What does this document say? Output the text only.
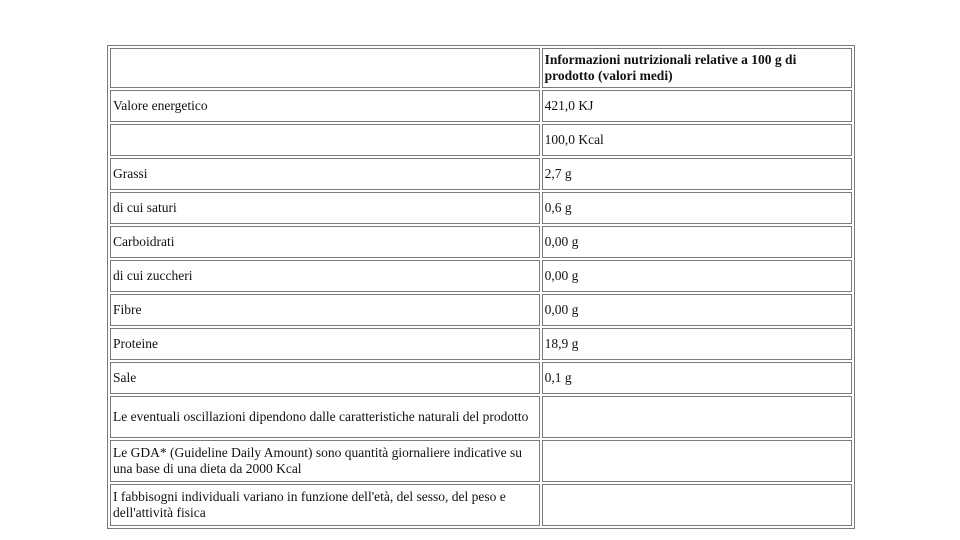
	Informazioni nutrizionali relative a 100 g di prodotto (valori medi)
Valore energetico	421,0 KJ
	100,0 Kcal
Grassi	2,7 g
di cui saturi	0,6 g
Carboidrati	0,00 g
di cui zuccheri	0,00 g
Fibre	0,00 g
Proteine	18,9 g
Sale	0,1 g
Le eventuali oscillazioni dipendono dalle caratteristiche naturali del prodotto	
Le GDA* (Guideline Daily Amount) sono quantità giornaliere indicative su una base di una dieta da 2000 Kcal	
I fabbisogni individuali variano in funzione dell'età, del sesso, del peso e dell'attività fisica	
